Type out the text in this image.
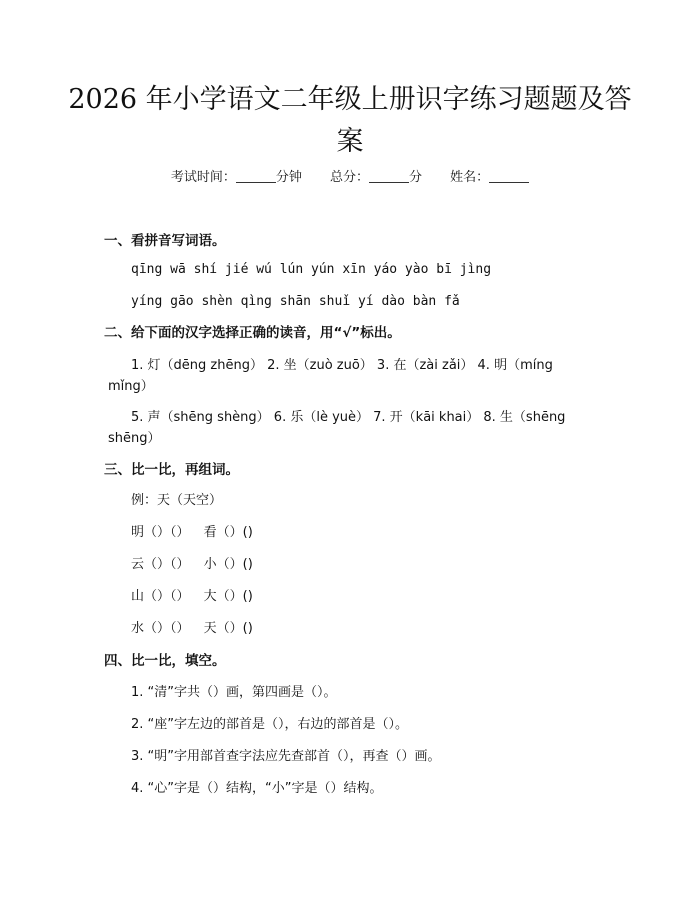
2026 年小学语文二年级上册识字练习题题及答案
考试时间：	分钟 总分：	分 姓名：
一、看拼音写词语。
qīng wā shí jié wú lún yún xīn yáo yào bī jìng
yíng gāo shèn qìng shān shuǐ yí dào bàn fǎ
二、给下面的汉字选择正确的读音，用“√”标出。
1. 灯（dēng zhēng） 2. 坐（zuò zuō） 3. 在（zài zǎi） 4. 明（míng mǐng）
5. 声（shēng shèng） 6. 乐（lè yuè） 7. 开（kāi khai） 8. 生（shēng shēng）
三、比一比，再组词。
例：天（天空）
明（）（） 看（）()
云（）（） 小（）()
山（）（） 大（）()
水（）（） 天（）()
四、比一比，填空。
1. “清”字共（）画，第四画是（）。
2. “座”字左边的部首是（），右边的部首是（）。
3. “明”字用部首查字法应先查部首（），再查（）画。
4. “心”字是（）结构，“小”字是（）结构。
